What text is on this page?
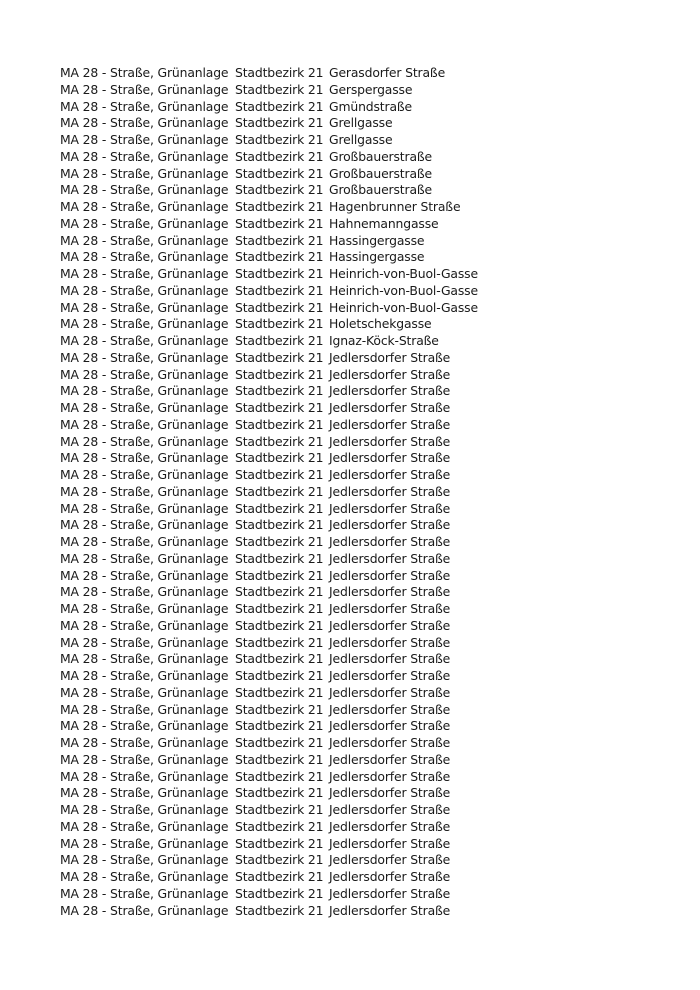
MA 28 - Straße, Grünanlage	Stadtbezirk 21	Gerasdorfer Straße
MA 28 - Straße, Grünanlage	Stadtbezirk 21	Gerspergasse
MA 28 - Straße, Grünanlage	Stadtbezirk 21	Gmündstraße
MA 28 - Straße, Grünanlage	Stadtbezirk 21	Grellgasse
MA 28 - Straße, Grünanlage	Stadtbezirk 21	Grellgasse
MA 28 - Straße, Grünanlage	Stadtbezirk 21	Großbauerstraße
MA 28 - Straße, Grünanlage	Stadtbezirk 21	Großbauerstraße
MA 28 - Straße, Grünanlage	Stadtbezirk 21	Großbauerstraße
MA 28 - Straße, Grünanlage	Stadtbezirk 21	Hagenbrunner Straße
MA 28 - Straße, Grünanlage	Stadtbezirk 21	Hahnemanngasse
MA 28 - Straße, Grünanlage	Stadtbezirk 21	Hassingergasse
MA 28 - Straße, Grünanlage	Stadtbezirk 21	Hassingergasse
MA 28 - Straße, Grünanlage	Stadtbezirk 21	Heinrich-von-Buol-Gasse
MA 28 - Straße, Grünanlage	Stadtbezirk 21	Heinrich-von-Buol-Gasse
MA 28 - Straße, Grünanlage	Stadtbezirk 21	Heinrich-von-Buol-Gasse
MA 28 - Straße, Grünanlage	Stadtbezirk 21	Holetschekgasse
MA 28 - Straße, Grünanlage	Stadtbezirk 21	Ignaz-Köck-Straße
MA 28 - Straße, Grünanlage	Stadtbezirk 21	Jedlersdorfer Straße
MA 28 - Straße, Grünanlage	Stadtbezirk 21	Jedlersdorfer Straße
MA 28 - Straße, Grünanlage	Stadtbezirk 21	Jedlersdorfer Straße
MA 28 - Straße, Grünanlage	Stadtbezirk 21	Jedlersdorfer Straße
MA 28 - Straße, Grünanlage	Stadtbezirk 21	Jedlersdorfer Straße
MA 28 - Straße, Grünanlage	Stadtbezirk 21	Jedlersdorfer Straße
MA 28 - Straße, Grünanlage	Stadtbezirk 21	Jedlersdorfer Straße
MA 28 - Straße, Grünanlage	Stadtbezirk 21	Jedlersdorfer Straße
MA 28 - Straße, Grünanlage	Stadtbezirk 21	Jedlersdorfer Straße
MA 28 - Straße, Grünanlage	Stadtbezirk 21	Jedlersdorfer Straße
MA 28 - Straße, Grünanlage	Stadtbezirk 21	Jedlersdorfer Straße
MA 28 - Straße, Grünanlage	Stadtbezirk 21	Jedlersdorfer Straße
MA 28 - Straße, Grünanlage	Stadtbezirk 21	Jedlersdorfer Straße
MA 28 - Straße, Grünanlage	Stadtbezirk 21	Jedlersdorfer Straße
MA 28 - Straße, Grünanlage	Stadtbezirk 21	Jedlersdorfer Straße
MA 28 - Straße, Grünanlage	Stadtbezirk 21	Jedlersdorfer Straße
MA 28 - Straße, Grünanlage	Stadtbezirk 21	Jedlersdorfer Straße
MA 28 - Straße, Grünanlage	Stadtbezirk 21	Jedlersdorfer Straße
MA 28 - Straße, Grünanlage	Stadtbezirk 21	Jedlersdorfer Straße
MA 28 - Straße, Grünanlage	Stadtbezirk 21	Jedlersdorfer Straße
MA 28 - Straße, Grünanlage	Stadtbezirk 21	Jedlersdorfer Straße
MA 28 - Straße, Grünanlage	Stadtbezirk 21	Jedlersdorfer Straße
MA 28 - Straße, Grünanlage	Stadtbezirk 21	Jedlersdorfer Straße
MA 28 - Straße, Grünanlage	Stadtbezirk 21	Jedlersdorfer Straße
MA 28 - Straße, Grünanlage	Stadtbezirk 21	Jedlersdorfer Straße
MA 28 - Straße, Grünanlage	Stadtbezirk 21	Jedlersdorfer Straße
MA 28 - Straße, Grünanlage	Stadtbezirk 21	Jedlersdorfer Straße
MA 28 - Straße, Grünanlage	Stadtbezirk 21	Jedlersdorfer Straße
MA 28 - Straße, Grünanlage	Stadtbezirk 21	Jedlersdorfer Straße
MA 28 - Straße, Grünanlage	Stadtbezirk 21	Jedlersdorfer Straße
MA 28 - Straße, Grünanlage	Stadtbezirk 21	Jedlersdorfer Straße
MA 28 - Straße, Grünanlage	Stadtbezirk 21	Jedlersdorfer Straße
MA 28 - Straße, Grünanlage	Stadtbezirk 21	Jedlersdorfer Straße
MA 28 - Straße, Grünanlage	Stadtbezirk 21	Jedlersdorfer Straße
